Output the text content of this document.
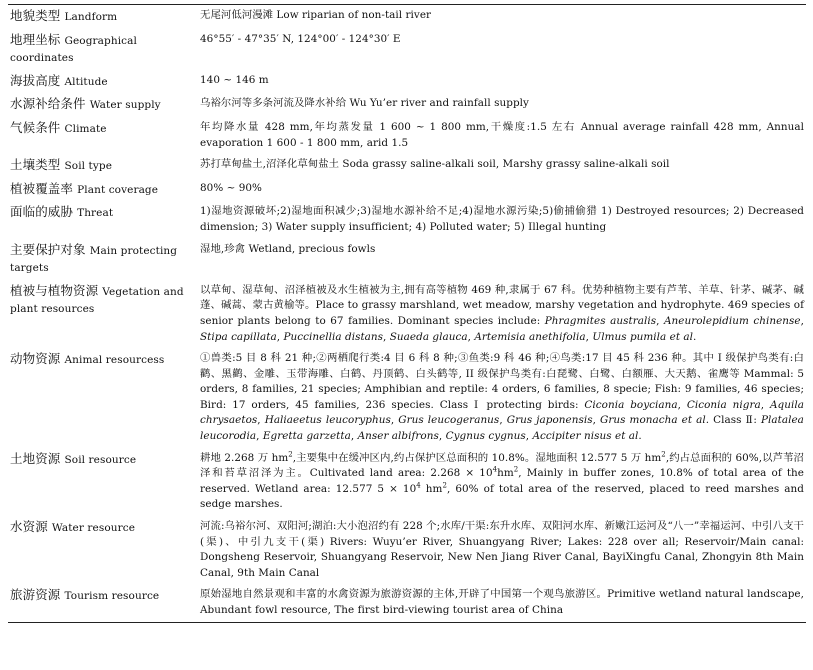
地貌类型 Landform	无尾河低河漫滩 Low riparian of non-tail river
地理坐标 Geographical coordinates	46°55′ - 47°35′ N, 124°00′ - 124°30′ E
海拔高度 Altitude	140 ~ 146 m
水源补给条件 Water supply	乌裕尔河等多条河流及降水补给 Wu Yu’er river and rainfall supply
气候条件 Climate	年均降水量 428 mm,年均蒸发量 1 600 ~ 1 800 mm,干燥度:1.5 左右 Annual average rainfall 428 mm, Annual evaporation 1 600 - 1 800 mm, arid 1.5
土壤类型 Soil type	苏打草甸盐土,沼泽化草甸盐土 Soda grassy saline-alkali soil, Marshy grassy saline-alkali soil
植被覆盖率 Plant coverage	80% ~ 90%
面临的威胁 Threat	1)湿地资源破坏;2)湿地面积减少;3)湿地水源补给不足;4)湿地水源污染;5)偷捕偷猎 1) Destroyed resources; 2) Decreased dimension; 3) Water supply insufficient; 4) Polluted water; 5) Illegal hunting
主要保护对象 Main protecting targets	湿地,珍禽 Wetland, precious fowls
植被与植物资源 Vegetation and plant resources	以草甸、湿草甸、沼泽植被及水生植被为主,拥有高等植物 469 种,隶属于 67 科。优势种植物主要有芦苇、羊草、针茅、碱茅、碱蓬、碱蒿、蒙古黄榆等。Place to grassy marshland, wet meadow, marshy vegetation and hydrophyte. 469 species of senior plants belong to 67 families. Dominant species include: Phragmites australis, Aneurolepidium chinense, Stipa capillata, Puccinellia distans, Suaeda glauca, Artemisia anethifolia, Ulmus pumila et al.
动物资源 Animal resourcess	①兽类:5 目 8 科 21 种;②两栖爬行类:4 目 6 科 8 种;③鱼类:9 科 46 种;④鸟类:17 目 45 科 236 种。其中 I 级保护鸟类有:白鹳、黑鹳、金雕、玉带海雕、白鹤、丹顶鹤、白头鹤等, II 级保护鸟类有:白琵鹭、白鹭、白额雁、大天鹅、雀鹰等 Mammal: 5 orders, 8 families, 21 species; Amphibian and reptile: 4 orders, 6 families, 8 specie; Fish: 9 families, 46 species; Bird: 17 orders, 45 families, 236 species. Class Ⅰ protecting birds: Ciconia boyciana, Ciconia nigra, Aquila chrysaetos, Haliaeetus leucoryphus, Grus leucogeranus, Grus japonensis, Grus monacha et al. Class Ⅱ: Platalea leucorodia, Egretta garzetta, Anser albifrons, Cygnus cygnus, Accipiter nisus et al.
土地资源 Soil resource	耕地 2.268 万 $hm^2$,主要集中在缓冲区内,约占保护区总面积的 10.8%。湿地面积 12.577 5 万 $hm^2$,约占总面积的 60%,以芦苇沼泽和苔草沼泽为主。Cultivated land area: $2.268 \times 10^4hm^2$, Mainly in buffer zones, 10.8% of total area of the reserved. Wetland area: 12.577 $5 \times 10^4$ $hm^2$, 60% of total area of the reserved, placed to reed marshes and sedge marshes.
水资源 Water resource	河流:乌裕尔河、双阳河;湖泊:大小泡沼约有 228 个;水库/干渠:东升水库、双阳河水库、新嫩江运河及“八一”幸福运河、中引八支干(渠)、中引九支干(渠) Rivers: Wuyu’er River, Shuangyang River; Lakes: 228 over all; Reservoir/Main canal: Dongsheng Reservoir, Shuangyang Reservoir, New Nen Jiang River Canal, BayiXingfu Canal, Zhongyin 8th Main Canal, 9th Main Canal
旅游资源 Tourism resource	原始湿地自然景观和丰富的水禽资源为旅游资源的主体,开辟了中国第一个观鸟旅游区。Primitive wetland natural landscape, Abundant fowl resource, The first bird-viewing tourist area of China
